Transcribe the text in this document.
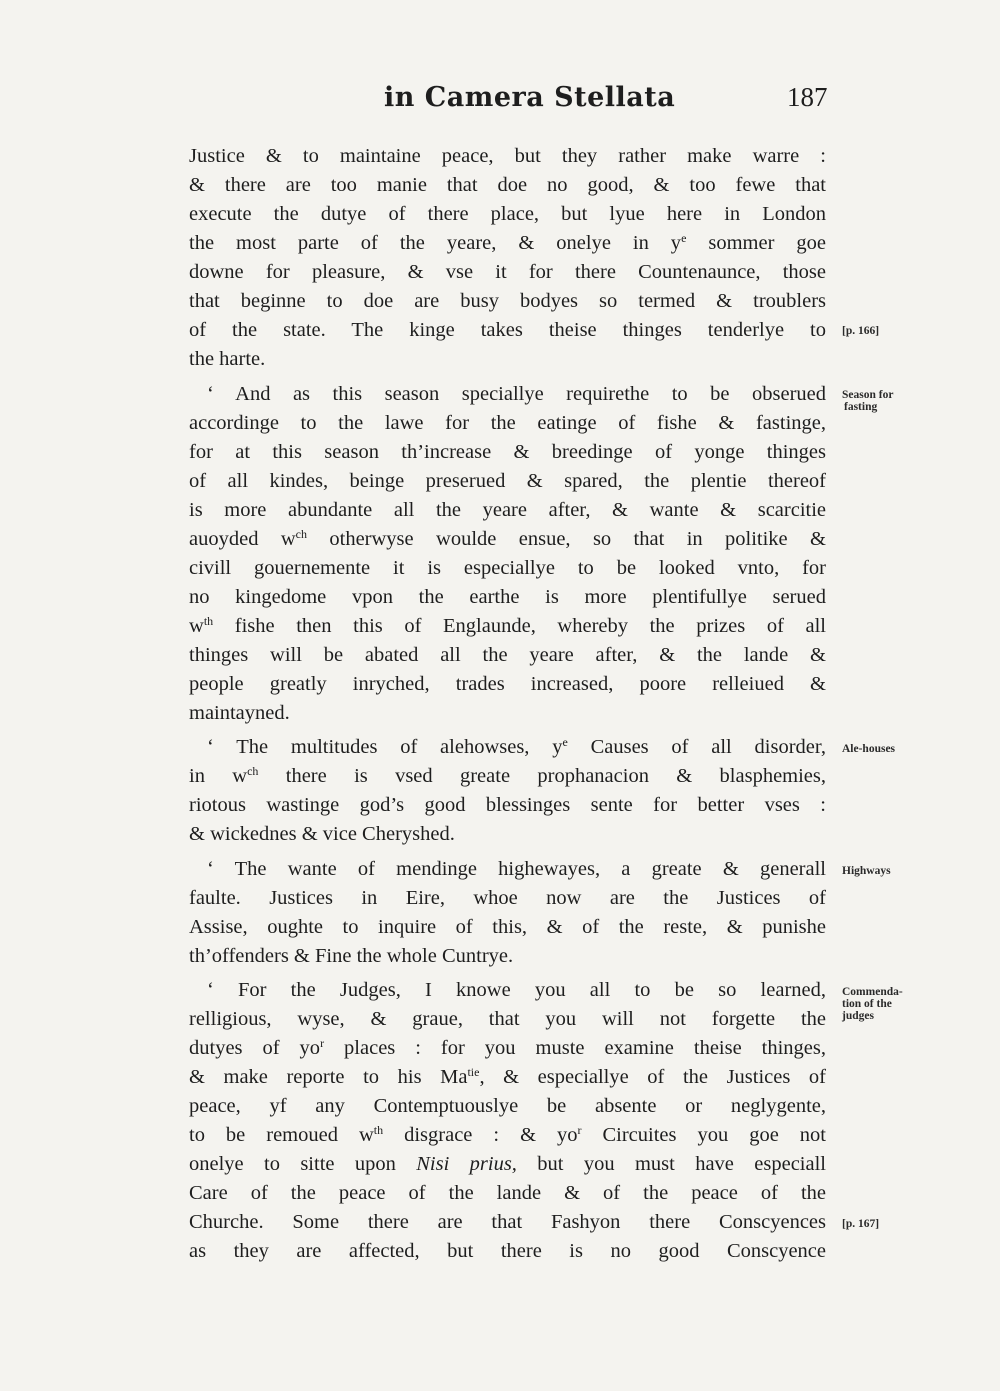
in Camera Stellata	187
Justice & to maintaine peace, but they rather make warre :
& there are too manie that doe no good, & too fewe that
execute the dutye of there place, but lyue here in London
the most parte of the yeare, & onelye in $y^e$ sommer goe
downe for pleasure, & vse it for there Countenaunce, those
that beginne to doe are busy bodyes so termed & troublers
of the state. The kinge takes theise thinges tenderlye to
the harte.
‘ And as this season speciallye requirethe to be obserued
accordinge to the lawe for the eatinge of fishe & fastinge,
for at this season th’increase & breedinge of yonge thinges
of all kindes, beinge preserued & spared, the plentie thereof
is more abundante all the yeare after, & wante & scarcitie
auoyded $w^{ch}$ otherwyse woulde ensue, so that in politike &
civill gouernemente it is especiallye to be looked vnto, for
no kingedome vpon the earthe is more plentifullye serued
$w^{th}$ fishe then this of Englaunde, whereby the prizes of all
thinges will be abated all the yeare after, & the lande &
people greatly inryched, trades increased, poore relleiued &
maintayned.
‘ The multitudes of alehowses, $y^e$ Causes of all disorder,
in $w^{ch}$ there is vsed greate prophanacion & blasphemies,
riotous wastinge god’s good blessinges sente for better vses :
& wickednes & vice Cheryshed.
‘ The wante of mendinge highewayes, a greate & generall
faulte. Justices in Eire, whoe now are the Justices of
Assise, oughte to inquire of this, & of the reste, & punishe
th’offenders & Fine the whole Cuntrye.
‘ For the Judges, I knowe you all to be so learned,
relligious, wyse, & graue, that you will not forgette the
dutyes of $yo^r$ places : for you muste examine theise thinges,
& make reporte to his $Ma^{tie}$, & especiallye of the Justices of
peace, yf any Contemptuouslye be absente or neglygente,
to be remoued $w^{th}$ disgrace : & $yo^r$ Circuites you goe not
onelye to sitte upon Nisi prius, but you must have especiall
Care of the peace of the lande & of the peace of the
Churche. Some there are that Fashyon there Conscyences
as they are affected, but there is no good Conscyence
[p. 166]
Season for
fasting
Ale-houses
Highways
Commenda-
tion of the
judges
[p. 167]
